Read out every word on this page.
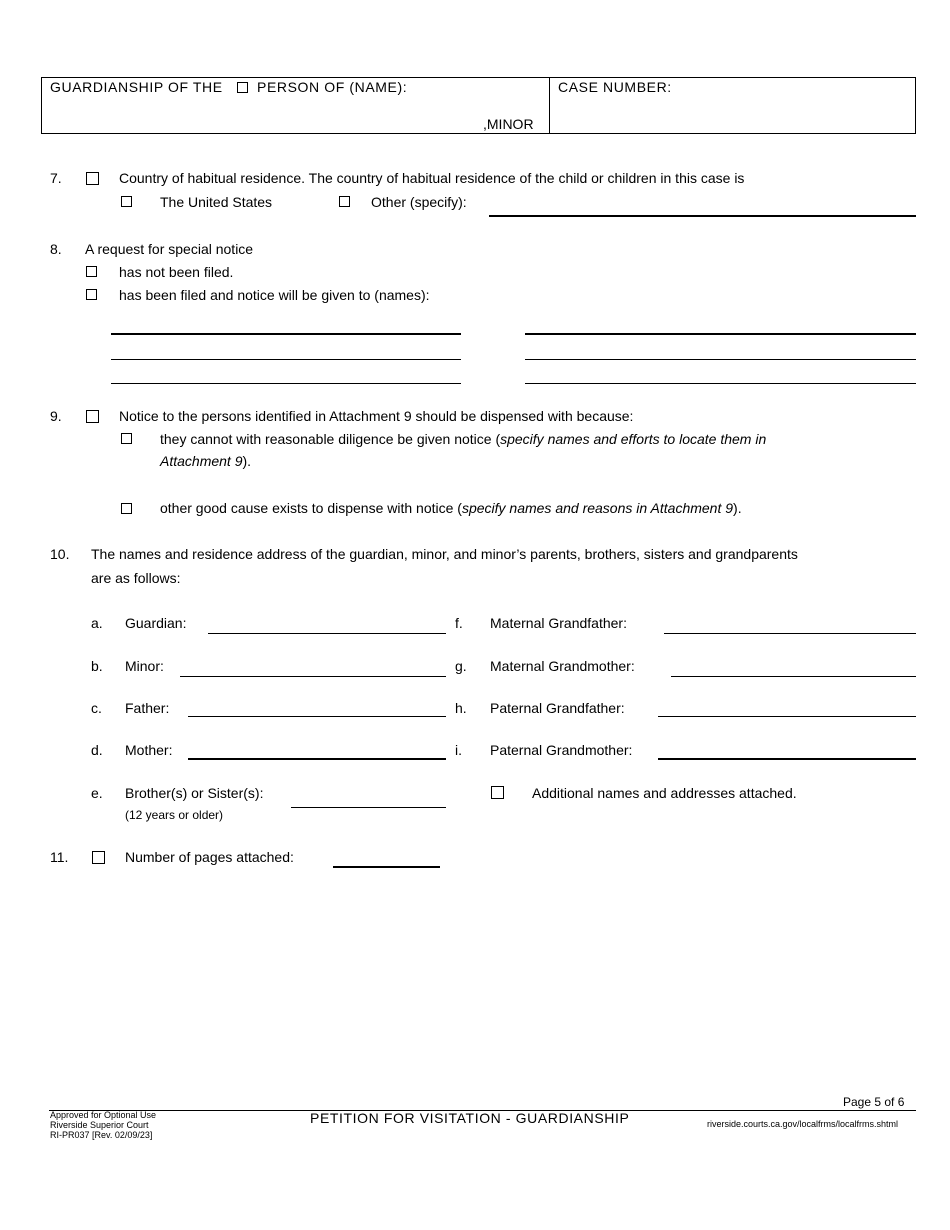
GUARDIANSHIP OF THE PERSON OF (NAME):
,MINOR
CASE NUMBER:
7.	Country of habitual residence. The country of habitual residence of the child or children in this case is
The United States	Other (specify):
8. A request for special notice
has not been filed.
has been filed and notice will be given to (names):
9.	Notice to the persons identified in Attachment 9 should be dispensed with because:
they cannot with reasonable diligence be given notice (specify names and efforts to locate them in
Attachment 9).
other good cause exists to dispense with notice (specify names and reasons in Attachment 9).
10. The names and residence address of the guardian, minor, and minor’s parents, brothers, sisters and grandparents
are as follows:
a. Guardian:
b. Minor:
c. Father:
d. Mother:
e. Brother(s) or Sister(s):
(12 years or older)
f. Maternal Grandfather:
g. Maternal Grandmother:
h. Paternal Grandfather:
i. Paternal Grandmother:
Additional names and addresses attached.
11.	Number of pages attached:
Page 5 of 6
Approved for Optional Use
Riverside Superior Court
RI-PR037 [Rev. 02/09/23]
PETITION FOR VISITATION - GUARDIANSHIP	riverside.courts.ca.gov/localfrms/localfrms.shtml
